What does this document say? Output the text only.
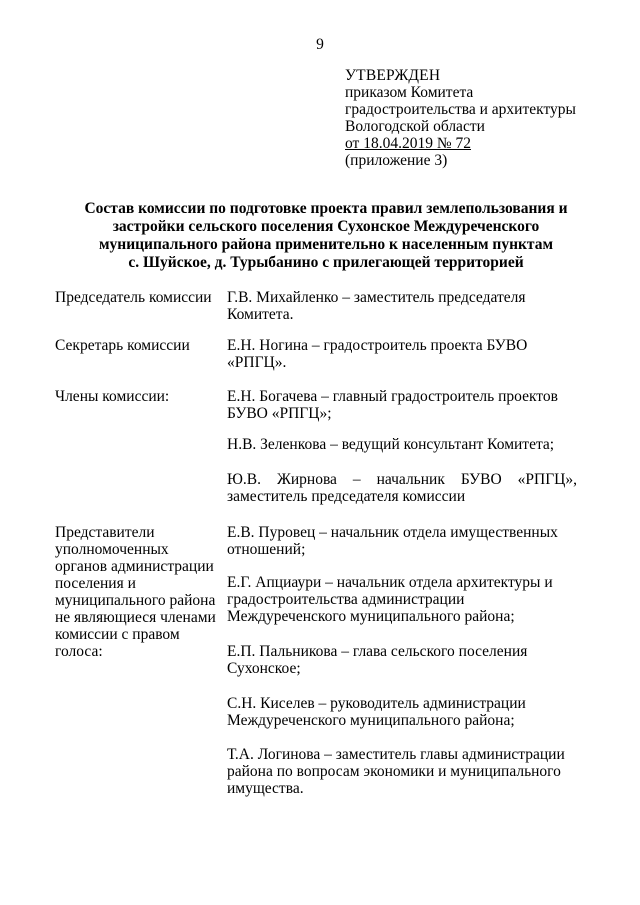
9
УТВЕРЖДЕН
приказом Комитета
градостроительства и архитектуры
Вологодской области
от 18.04.2019 № 72
(приложение 3)
Состав комиссии по подготовке проекта правил землепользования и
застройки сельского поселения Сухонское Междуреченского
муниципального района применительно к населенным пунктам
с. Шуйское, д. Турыбанино с прилегающей территорией
Председатель комиссии Г.В. Михайленко – заместитель председателя
Комитета.
Секретарь комиссии	Е.Н. Ногина – градостроитель проекта БУВО
«РПГЦ».
Члены комиссии:	Е.Н. Богачева – главный градостроитель проектов
БУВО «РПГЦ»;
Н.В. Зеленкова – ведущий консультант Комитета;
Ю.В. Жирнова – начальник БУВО «РПГЦ»,
заместитель председателя комиссии
Представители
уполномоченных
органов администрации
поселения и
муниципального района
не являющиеся членами
комиссии с правом
голоса:
Е.В. Пуровец – начальник отдела имущественных
отношений;
Е.Г. Апциаури – начальник отдела архитектуры и
градостроительства администрации
Междуреченского муниципального района;
Е.П. Пальникова – глава сельского поселения
Сухонское;
С.Н. Киселев – руководитель администрации
Междуреченского муниципального района;
Т.А. Логинова – заместитель главы администрации
района по вопросам экономики и муниципального
имущества.
